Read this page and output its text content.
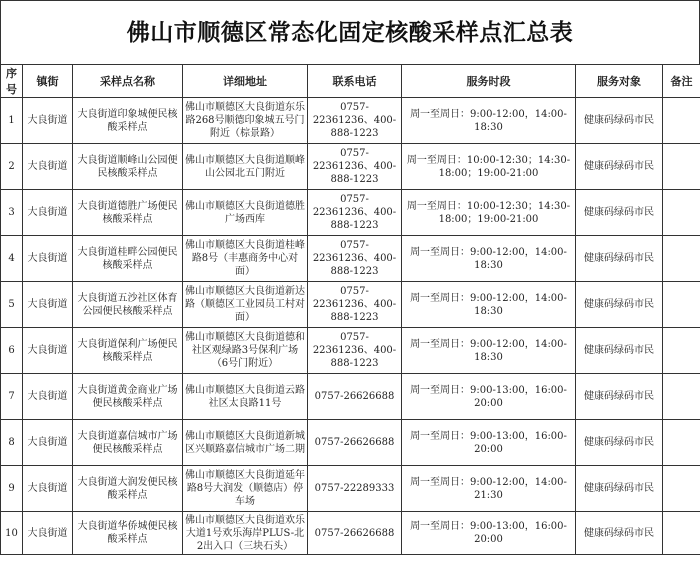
佛山市顺德区常态化固定核酸采样点汇总表
序号	镇街	采样点名称	详细地址	联系电话	服务时段	服务对象	备注
1	大良街道	大良街道印象城便民核酸采样点	佛山市顺德区大良街道东乐路268号顺德印象城五号门附近（棕景路）	0757-22361236、400-888-1223	周一至周日：9:00-12:00，14:00-18:30	健康码绿码市民	
2	大良街道	大良街道顺峰山公园便民核酸采样点	佛山市顺德区大良街道顺峰山公园北五门附近	0757-22361236、400-888-1223	周一至周日：10:00-12:30；14:30-18:00；19:00-21:00	健康码绿码市民	
3	大良街道	大良街道德胜广场便民核酸采样点	佛山市顺德区大良街道德胜广场西库	0757-22361236、400-888-1223	周一至周日：10:00-12:30；14:30-18:00；19:00-21:00	健康码绿码市民	
4	大良街道	大良街道桂畔公园便民核酸采样点	佛山市顺德区大良街道桂峰路8号（丰惠商务中心对面）	0757-22361236、400-888-1223	周一至周日：9:00-12:00，14:00-18:30	健康码绿码市民	
5	大良街道	大良街道五沙社区体育公园便民核酸采样点	佛山市顺德区大良街道新达路（顺德区工业园员工村对面）	0757-22361236、400-888-1223	周一至周日：9:00-12:00，14:00-18:30	健康码绿码市民	
6	大良街道	大良街道保利广场便民核酸采样点	佛山市顺德区大良街道德和社区观绿路3号保利广场（6号门附近）	0757-22361236、400-888-1223	周一至周日：9:00-12:00，14:00-18:30	健康码绿码市民	
7	大良街道	大良街道黄金商业广场便民核酸采样点	佛山市顺德区大良街道云路社区太良路11号	0757-26626688	周一至周日：9:00-13:00，16:00-20:00	健康码绿码市民	
8	大良街道	大良街道嘉信城市广场便民核酸采样点	佛山市顺德区大良街道新城区兴顺路嘉信城市广场二期	0757-26626688	周一至周日：9:00-13:00，16:00-20:00	健康码绿码市民	
9	大良街道	大良街道大润发便民核酸采样点	佛山市顺德区大良街道延年路8号大润发（顺德店）停车场	0757-22289333	周一至周日：9:00-12:00，14:00-21:30	健康码绿码市民	
10	大良街道	大良街道华侨城便民核酸采样点	佛山市顺德区大良街道欢乐大道1号欢乐海岸PLUS-北2出入口（三块石头）	0757-26626688	周一至周日：9:00-13:00，16:00-20:00	健康码绿码市民	
